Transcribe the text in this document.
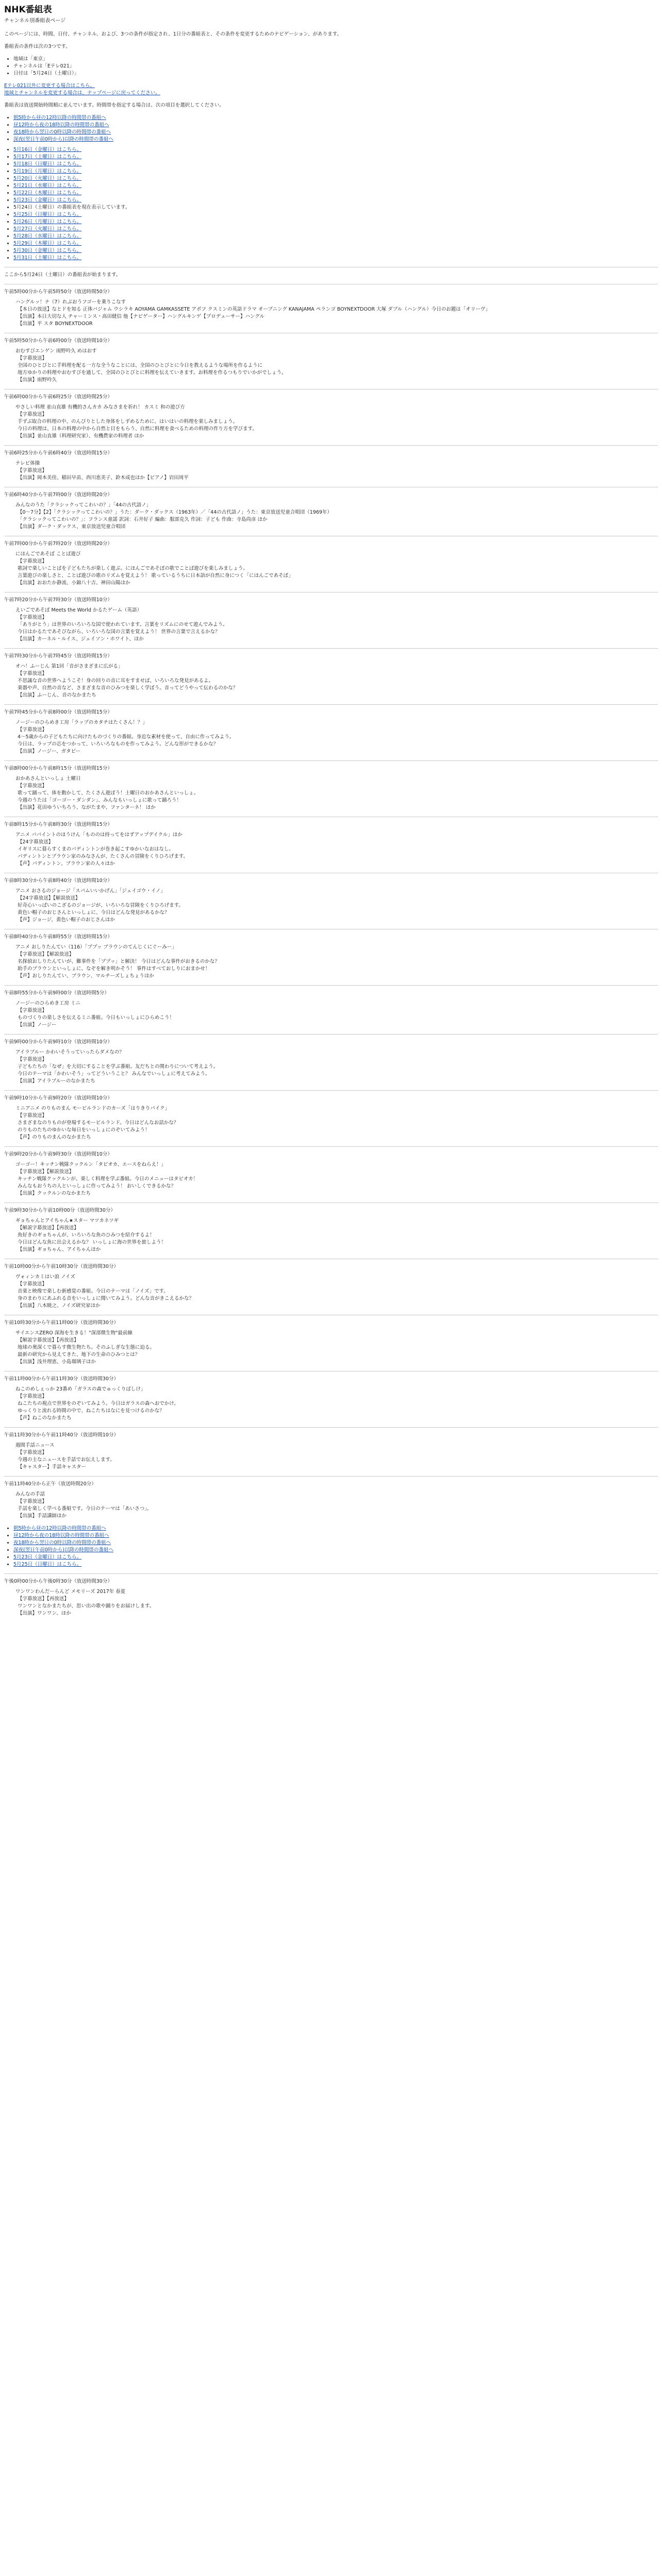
NHK番組表
チャンネル別番組表ページ

このページには、時間、日付、チャンネル、および、3つの条件が指定され、1日分の番組表と、その条件を変更するためのナビゲーション、があります。

番組表の条件は次の3つです。

• 地域は「東京」
• チャンネルは「Eテレ021」
• 日付は「5月24日（土曜日）」
Eテレ021以外に変更する場合はこちら。
地域とチャンネルを変更する場合は、ナップページに戻ってください。

番組表は放送開始時間順に並んでいます。時間帯を指定する場合は、次の項目を選択してください。

• 朝5時から昼の12時以降の時間帯の番組へ
• 昼12時から夜の18時以降の時間帯の番組へ
• 夜18時から翌日の0時以降の時間帯の番組へ
• 深夜(翌日午前0時から)以降の時間帯の番組へ
• 5月16日（金曜日）はこちら。
• 5月17日（土曜日）はこちら。
• 5月18日（日曜日）はこちら。
• 5月19日（月曜日）はこちら。
• 5月20日（火曜日）はこちら。
• 5月21日（水曜日）はこちら。
• 5月22日（木曜日）はこちら。
• 5月23日（金曜日）はこちら。
• 5月24日（土曜日）の番組表を現在表示しています。
• 5月25日（日曜日）はこちら。
• 5月26日（月曜日）はこちら。
• 5月27日（火曜日）はこちら。
• 5月28日（水曜日）はこちら。
• 5月29日（木曜日）はこちら。
• 5月30日（金曜日）はこちら。
• 5月31日（土曜日）はこちら。

ここから5月24日（土曜日）の番組表が始まります。

午前5時00分から午前5時50分（放送時間50分）
ハングルッ！ナ（7）れぶおうフゴーを乗りこなす
【本日の放送】なとドを知る 正体バジャム ウシラキ AOYAMA GAMKASSETE アボフ クスミンの英語ドラマ オープニング KANAJAMA ペランゴ BOYNEXTDOOR 大塚 ダブル（ハングル）今日のお題は「オリーヴ」
【出演】本日大切な人 チャーミンス・高田健信 他【ナビゲーター】ハングルキンゲ【プロデューサー】ハングル
【出演】平 スタ BOYNEXTDOOR
午前5時50分から午前6時00分（放送時間10分）
おむすびエンゲン 雨野吟久 めはおす
【字幕放送】
全国のひとびとに手料理を配る一方な全うなことには、全国のひとびとに今日を教えるような場所を作るように
地方ゆかりの料理やおむすびを通して、全国のひとびとに料理を伝えていきます。お料理を作るつもりでいかがでしょう。
【出演】雨野吟久
午前6時00分から午前6時25分（放送時間25分）
やさしい料理 並山直雄 有機的さんカカ みなさまを祈れ！ カスミ 和の遊び方
【字幕放送】
手ずぶ取合の料理の中、のんびりとした身体をしずめるために、はいはいの料理を楽しみましょう。
今日の料理は、日本の料理の中から自然と目をもらう、自然に料理を食べるための料理の作り方を学びます。
【出演】並山直雄（料理研究家）、有機農家の料理者 ほか
午前6時25分から午前6時40分（放送時間15分）
テレビ体操
【字幕放送】
【出演】岡本美佳、稲田早苗、西川恵美子、鈴木成也ほか【ピアノ】岩田周平
午前6時40分から午前7時00分（放送時間20分）
みんなのうた「クラシックってこわいの？」「44の古代語ノ」
【0～7分】【2】「クラシックってこわいの？」うた：ダーク・ダックス（1963年）／「44の古代語ノ」うた：東京放送児童合唱団（1969年）
「クラシックってこわいの？」：フランス童謡 訳詞：石井好子 編曲：服部克久 作詞：子ども 作曲：寺島尚彦 ほか
【出演】ダーク・ダックス、東京放送児童合唱団
午前7時00分から午前7時20分（放送時間20分）
にほんごであそぼ ことば遊び
【字幕放送】
歌詞で楽しいことばを子どもたちが楽しく遊ぶ。にほんごであそぼの歌でことば遊びを楽しみましょう。
言葉遊びの楽しさと、ことば遊びの歌のリズムを覚えよう！ 歌っているうちに日本語が自然に身につく「にほんごであそぼ」
【出演】おおたか静流、小錦八十吉、神田山陽ほか
午前7時20分から午前7時30分（放送時間10分）
えいごであそぼ Meets the World かるたゲーム（英語）
【字幕放送】
「ありがとう」は世界のいろいろな国で使われています。言葉をリズムにのせて遊んでみよう。
今日はかるたであそびながら、いろいろな国の言葉を覚えよう！ 世界の言葉で言えるかな？
【出演】カーネル・ルイス、ジェイソン・ホワイト、ほか
午前7時30分から午前7時45分（放送時間15分）
オハ！ふーじん 第1回「音がさまざまに広がる」
【字幕放送】
不思議な音の世界へようこそ！身の回りの音に耳をすませば、いろいろな発見があるよ。
楽器や声、自然の音など、さまざまな音のひみつを楽しく学ぼう。音ってどうやって伝わるのかな？
【出演】ふーじん、音のなかまたち
午前7時45分から午前8時00分（放送時間15分）
ノージーのひらめき工房「ラップのカタチはたくさん！？」
【字幕放送】
4～5歳からの子どもたちに向けたものづくりの番組。身近な素材を使って、自由に作ってみよう。
今日は、ラップの芯をつかって、いろいろなものを作ってみよう。どんな形ができるかな？
【出演】ノージー、ガタピー
午前8時00分から午前8時15分（放送時間15分）
おかあさんといっしょ 土曜日
【字幕放送】
歌って踊って、体を動かして、たくさん遊ぼう！土曜日のおかあさんといっしょ。
今週のうたは「ゴーゴー・ダンダン」、みんなもいっしょに歌って踊ろう！
【出演】花田ゆういちろう、ながたまや、ファンターネ！ ほか
午前8時15分から午前8時30分（放送時間15分）
アニメ パパイントのほうけん「もののは持ってをはずアップデイクル」ほか
【24字幕放送】
イギリスに暮らすくまのパディントンが巻き起こすゆかいなおはなし。
パディントンとブラウン家のみなさんが、たくさんの冒険をくりひろげます。
【声】パディントン、ブラウン家の人々ほか
午前8時30分から午前8時40分（放送時間10分）
アニメ おさるのジョージ「スパムいいかげん」「ジェイゴウ・イノ」
【24字幕放送】【解説放送】
好奇心いっぱいのこざるのジョージが、いろいろな冒険をくりひろげます。
黄色い帽子のおじさんといっしょに、今日はどんな発見があるかな？
【声】ジョージ、黄色い帽子のおじさんほか
午前8時40分から午前8時55分（放送時間15分）
アニメ おしりたんてい（116）「ププッ ブラウンのてんじくにぐーみー」
【字幕放送】【解説放送】
名探偵おしりたんていが、難事件を「ププッ」と解決！ 今日はどんな事件がおきるのかな？
助手のブラウンといっしょに、なぞを解き明かそう！ 事件はすべておしりにおまかせ！
【声】おしりたんてい、ブラウン、マルチーズしょちょうほか
午前8時55分から午前9時00分（放送時間5分）
ノージーのひらめき工房 ミニ
【字幕放送】
ものづくりの楽しさを伝えるミニ番組。今日もいっしょにひらめこう！
【出演】ノージー
午前9時00分から午前9時10分（放送時間10分）
アイラブルー かわいそうっていったらダメなの？
【字幕放送】
子どもたちの「なぜ」を大切にすることを学ぶ番組。友だちとの関わりについて考えよう。
今日のテーマは「かわいそう」ってどういうこと？ みんなでいっしょに考えてみよう。
【出演】アイラブルーのなかまたち
午前9時10分から午前9時20分（放送時間10分）
ミニアニメ のりものまん モービルランドのカーズ「はりきりパイク」
【字幕放送】
さまざまなのりものが登場するモービルランド。今日はどんなお話かな？
のりものたちのゆかいな毎日をいっしょにのぞいてみよう！
【声】のりものまんのなかまたち
午前9時20分から午前9時30分（放送時間10分）
ゴーゴー！キッチン戦隊クックルン「タピオカ、エースをねらえ！」
【字幕放送】【解説放送】
キッチン戦隊クックルンが、楽しく料理を学ぶ番組。今日のメニューはタピオカ！
みんなもおうちの人といっしょに作ってみよう！ おいしくできるかな？
【出演】クックルンのなかまたち
午前9時30分から午前10時00分（放送時間30分）
ギョちゃんとアイちゃん★スター マツカネツギ
【解説字幕放送】【再放送】
魚好きのギョちゃんが、いろいろな魚のひみつを紹介するよ！
今日はどんな魚に出会えるかな？ いっしょに海の世界を旅しよう！
【出演】ギョちゃん、アイちゃんほか
午前10時00分から午前10時30分（放送時間30分）
ヴォィンカミはい浪 ノイズ
【字幕放送】
音楽と映像で楽しむ新感覚の番組。今日のテーマは「ノイズ」です。
身のまわりにあふれる音をいっしょに聞いてみよう。どんな音がきこえるかな？
【出演】八木暁之、ノイズ研究家ほか
午前10時30分から午前11時00分（放送時間30分）
サイエンスZERO 深海を生きる！"深部微生物"最前線
【解説字幕放送】【再放送】
地球の奥深くで暮らす微生物たち。そのふしぎな生態に迫る。
最新の研究から見えてきた、地下の生命のひみつとは？
【出演】浅井理恵、小島瑠璃子ほか
午前11時00分から午前11時30分（放送時間30分）
ねこのめしぇっか 23番め「ガラスの森でゅっくりばしけ」
【字幕放送】
ねこたちの視点で世界をのぞいてみよう。今日はガラスの森へおでかけ。
ゆっくりと流れる時間の中で、ねこたちはなにを見つけるのかな？
【声】ねこのなかまたち
午前11時30分から午前11時40分（放送時間10分）
週間手話ニュース
【字幕放送】
今週の主なニュースを手話でお伝えします。
【キャスター】手話キャスター
午前11時40分から正午（放送時間20分）
みんなの手話
【字幕放送】
手話を楽しく学べる番組です。今日のテーマは「あいさつ」。
【出演】手話講師ほか
• 朝5時から昼の12時以降の時間帯の番組へ
• 昼12時から夜の18時以降の時間帯の番組へ
• 夜18時から翌日の0時以降の時間帯の番組へ
• 深夜(翌日午前0時から)以降の時間帯の番組へ
• 5月23日（金曜日）はこちら。
• 5月25日（日曜日）はこちら。
午後0時00分から午後0時30分（放送時間30分）
ワンワンわんだーらんど メモリーズ 2017年 春夏
【字幕放送】【再放送】
ワンワンとなかまたちが、思い出の歌や踊りをお届けします。
【出演】ワンワン、ほか
